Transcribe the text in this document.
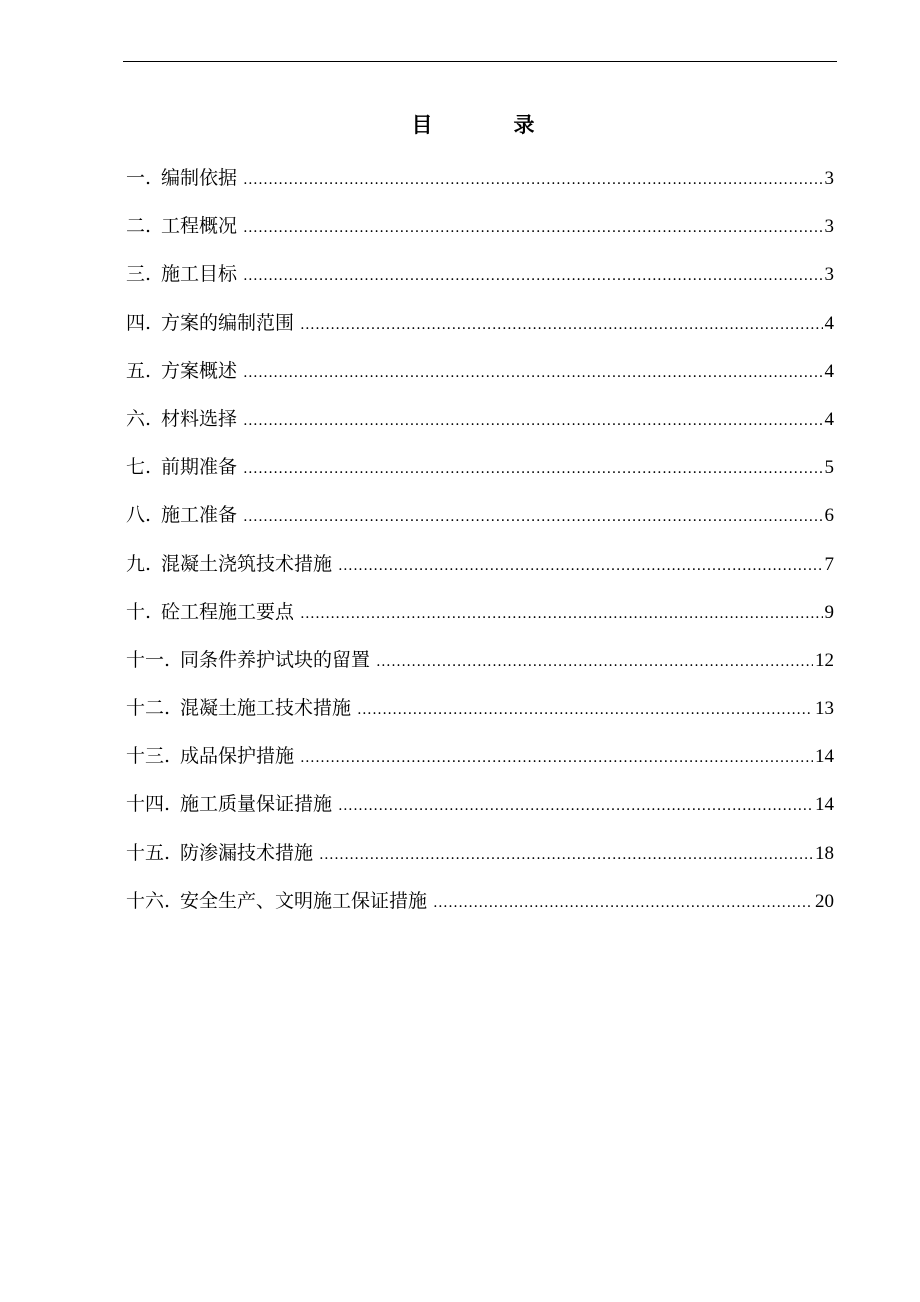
目　录
一. 编制依据 .....	3
二. 工程概况 .....	3
三. 施工目标 .....	3
四. 方案的编制范围 .....	4
五. 方案概述 .....	4
六. 材料选择 .....	4
七. 前期准备 .....	5
八. 施工准备 .....	6
九. 混凝土浇筑技术措施 .....	7
十. 砼工程施工要点 .....	9
十一. 同条件养护试块的留置 .....	12
十二. 混凝土施工技术措施 .....	13
十三. 成品保护措施 .....	14
十四. 施工质量保证措施 .....	14
十五. 防渗漏技术措施 .....	18
十六. 安全生产、文明施工保证措施 .....	20
